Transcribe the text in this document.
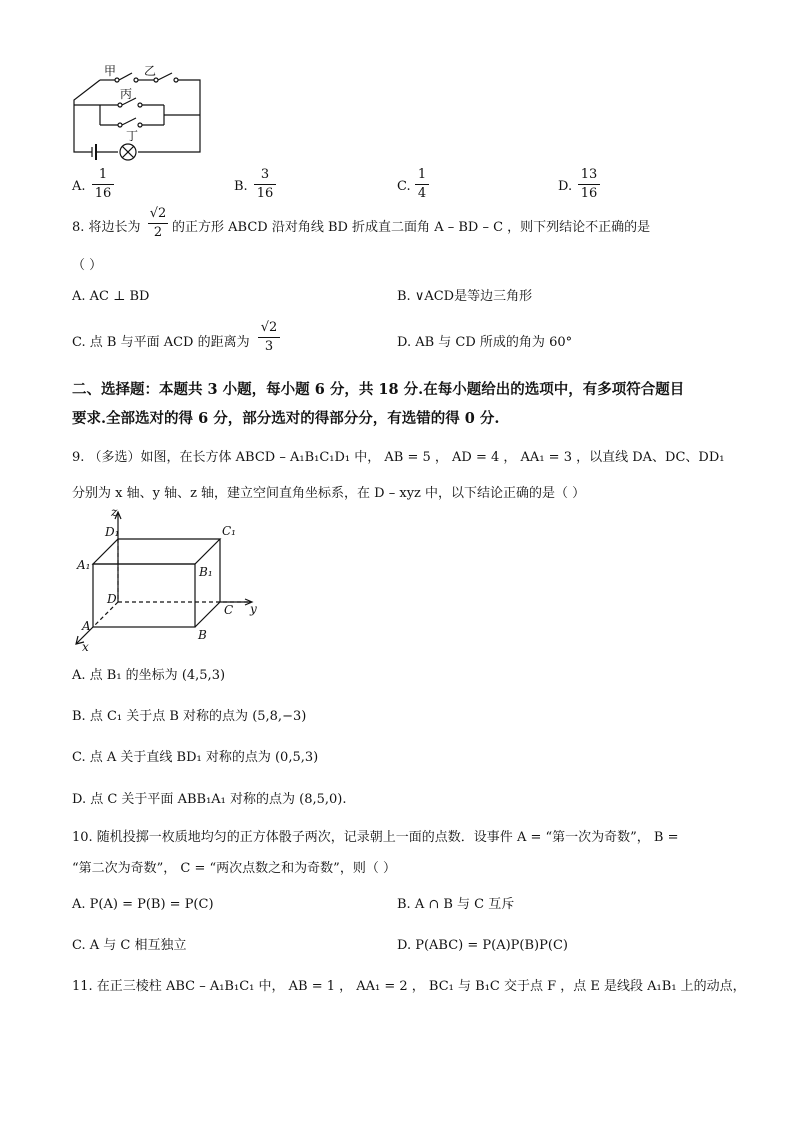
甲 乙
丙
丁
A.
1
16	B.
3
16	C.
1
4	D.
13
16
8. 将边长为
√2
2 的正方形 ABCD 沿对角线 BD 折成直二面角 A – BD – C ，则下列结论不正确的是
（ ）
A. AC ⊥ BD	B. ∨ACD是等边三角形
C. 点 B 与平面 ACD 的距离为
√2
3	D. AB 与 CD 所成的角为 60°
二、选择题：本题共 3 小题，每小题 6 分，共 18 分.在每小题给出的选项中，有多项符合题目
要求.全部选对的得 6 分，部分选对的得部分分，有选错的得 0 分.
9. （多选）如图，在长方体 ABCD – A₁B₁C₁D₁ 中， AB = 5 ， AD = 4 ， AA₁ = 3 ，以直线 DA、DC、DD₁
分别为 x 轴、y 轴、z 轴，建立空间直角坐标系，在 D – xyz 中，以下结论正确的是（ ）
z
D₁	C₁
A₁	B₁
D
C y
A
B
x
A. 点 B₁ 的坐标为 (4,5,3)
B. 点 C₁ 关于点 B 对称的点为 (5,8,−3)
C. 点 A 关于直线 BD₁ 对称的点为 (0,5,3)
D. 点 C 关于平面 ABB₁A₁ 对称的点为 (8,5,0).
10. 随机投掷一枚质地均匀的正方体骰子两次，记录朝上一面的点数．设事件 A = “第一次为奇数”， B =
“第二次为奇数”， C = “两次点数之和为奇数”，则（ ）
A. P(A) = P(B) = P(C)	B. A ∩ B 与 C 互斥
C. A 与 C 相互独立	D. P(ABC) = P(A)P(B)P(C)
11. 在正三棱柱 ABC – A₁B₁C₁ 中， AB = 1 ， AA₁ = 2 ， BC₁ 与 B₁C 交于点 F ，点 E 是线段 A₁B₁ 上的动点，
